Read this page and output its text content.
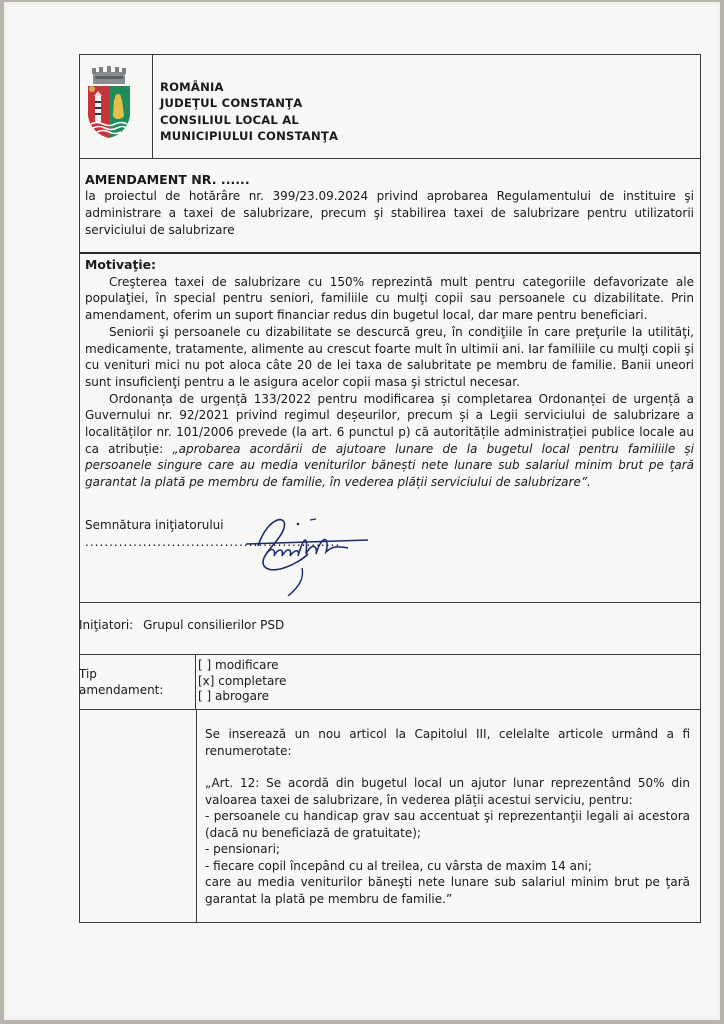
ROMÂNIA
JUDEŢUL CONSTANŢA
CONSILIUL LOCAL AL
MUNICIPIULUI CONSTANŢA
AMENDAMENT NR. ......
la proiectul de hotărâre nr. 399/23.09.2024 privind aprobarea Regulamentului de instituire şi administrare a taxei de salubrizare, precum şi stabilirea taxei de salubrizare pentru utilizatorii serviciului de salubrizare
Motivaţie:

Creşterea taxei de salubrizare cu 150% reprezintă mult pentru categoriile defavorizate ale populaţiei, în special pentru seniori, familiile cu mulţi copii sau persoanele cu dizabilitate. Prin amendament, oferim un suport financiar redus din bugetul local, dar mare pentru beneficiari.

Seniorii şi persoanele cu dizabilitate se descurcă greu, în condiţiile în care preţurile la utilităţi, medicamente, tratamente, alimente au crescut foarte mult în ultimii ani. Iar familiile cu mulţi copii şi cu venituri mici nu pot aloca câte 20 de lei taxa de salubritate pe membru de familie. Banii uneori sunt insuficienţi pentru a le asigura acelor copii masa şi strictul necesar.

Ordonanța de urgență 133/2022 pentru modificarea și completarea Ordonanței de urgență a Guvernului nr. 92/2021 privind regimul deșeurilor, precum și a Legii serviciului de salubrizare a localităților nr. 101/2006 prevede (la art. 6 punctul p) că autoritățile administrației publice locale au ca atribuție: „aprobarea acordării de ajutoare lunare de la bugetul local pentru familiile și persoanele singure care au media veniturilor bănești nete lunare sub salariul minim brut pe țară garantat la plată pe membru de familie, în vederea plății serviciului de salubrizare”.

Semnătura iniţiatorului
.....................................................
Iniţiatori: Grupul consilierilor PSD
Tip
amendament:
[ ] modificare
[x] completare
[ ] abrogare
Se inserează un nou articol la Capitolul III, celelalte articole urmând a fi renumerotate:
„Art. 12: Se acordă din bugetul local un ajutor lunar reprezentând 50% din valoarea taxei de salubrizare, în vederea plății acestui serviciu, pentru:
- persoanele cu handicap grav sau accentuat şi reprezentanţii legali ai acestora (dacă nu beneficiază de gratuitate);
- pensionari;
- fiecare copil începând cu al treilea, cu vârsta de maxim 14 ani;
care au media veniturilor băneşti nete lunare sub salariul minim brut pe ţară garantat la plată pe membru de familie.”
